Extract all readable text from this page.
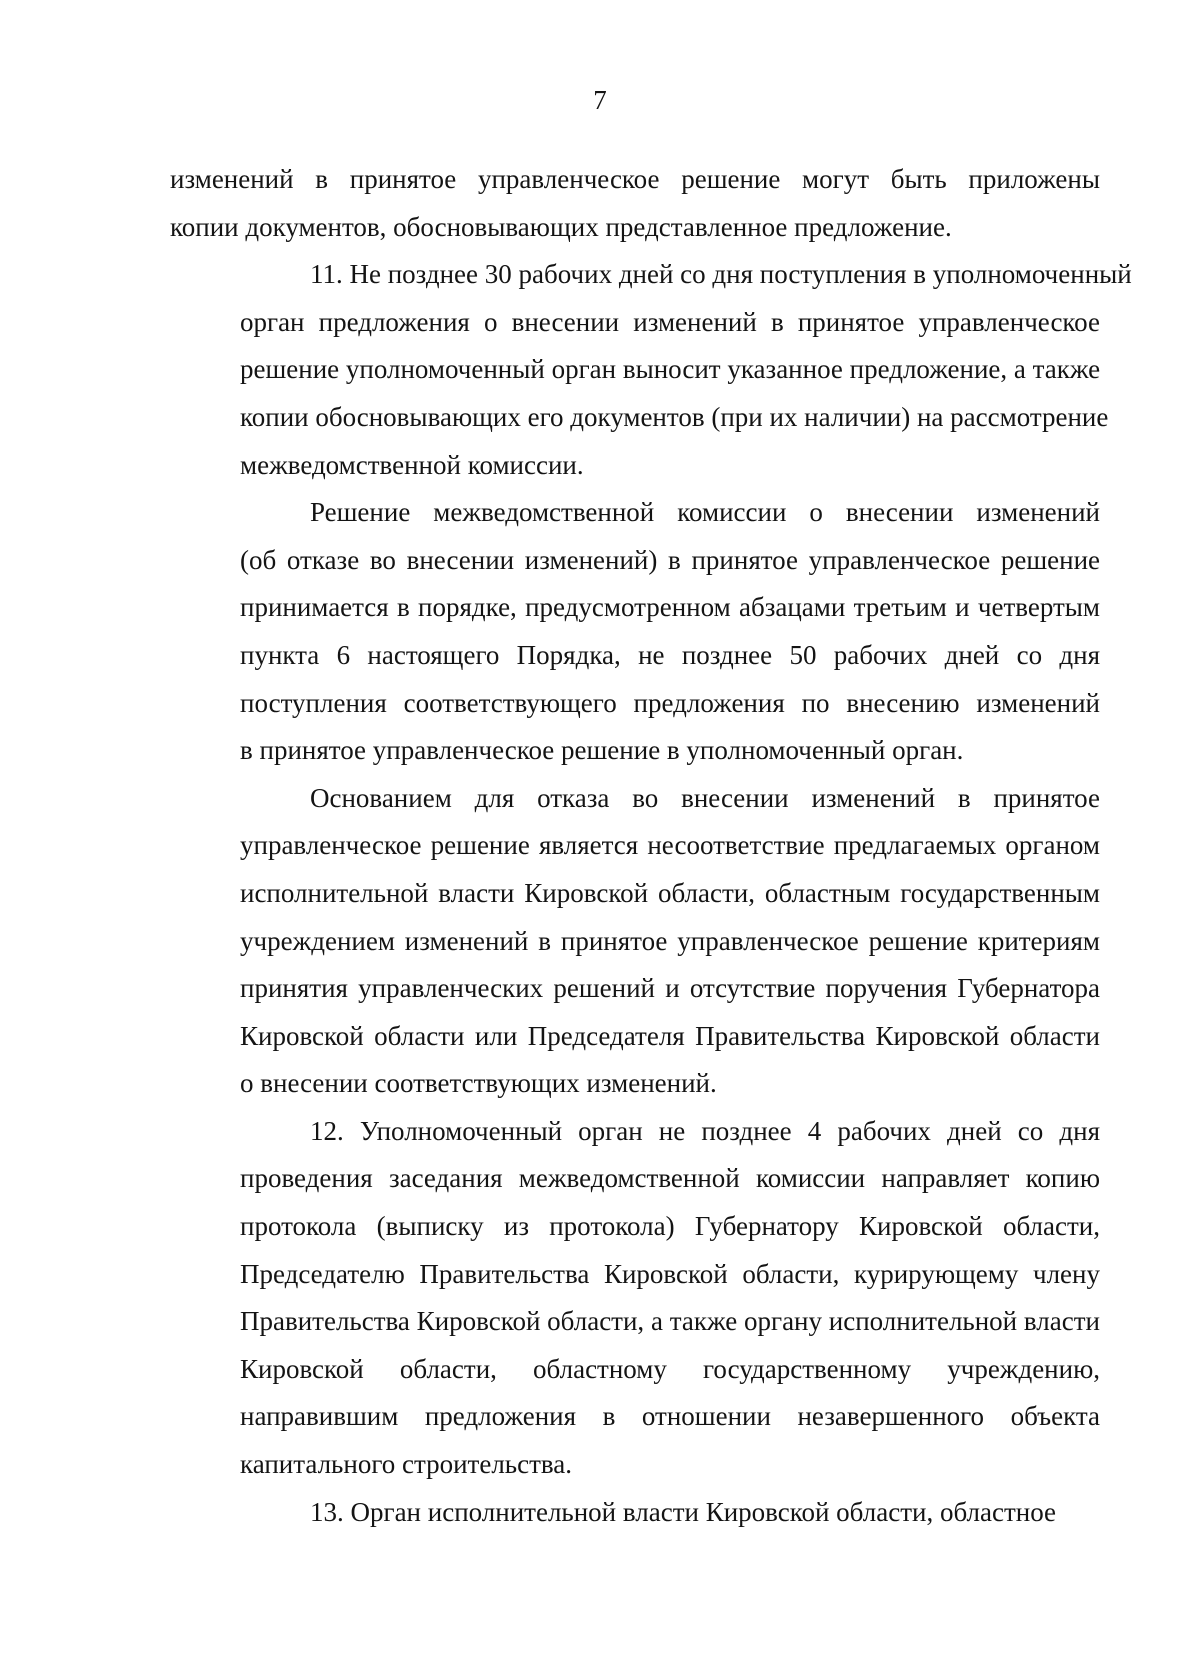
7
изменений в принятое управленческое решение могут быть приложены
копии документов, обосновывающих представленное предложение.
11. Не позднее 30 рабочих дней со дня поступления в уполномоченный
орган предложения о внесении изменений в принятое управленческое
решение уполномоченный орган выносит указанное предложение, а также
копии обосновывающих его документов (при их наличии) на рассмотрение
межведомственной комиссии.
Решение межведомственной комиссии о внесении изменений
(об отказе во внесении изменений) в принятое управленческое решение
принимается в порядке, предусмотренном абзацами третьим и четвертым
пункта 6 настоящего Порядка, не позднее 50 рабочих дней со дня
поступления соответствующего предложения по внесению изменений
в принятое управленческое решение в уполномоченный орган.
Основанием для отказа во внесении изменений в принятое
управленческое решение является несоответствие предлагаемых органом
исполнительной власти Кировской области, областным государственным
учреждением изменений в принятое управленческое решение критериям
принятия управленческих решений и отсутствие поручения Губернатора
Кировской области или Председателя Правительства Кировской области
о внесении соответствующих изменений.
12. Уполномоченный орган не позднее 4 рабочих дней со дня
проведения заседания межведомственной комиссии направляет копию
протокола (выписку из протокола) Губернатору Кировской области,
Председателю Правительства Кировской области, курирующему члену
Правительства Кировской области, а также органу исполнительной власти
Кировской области, областному государственному учреждению,
направившим предложения в отношении незавершенного объекта
капитального строительства.
13. Орган исполнительной власти Кировской области, областное
